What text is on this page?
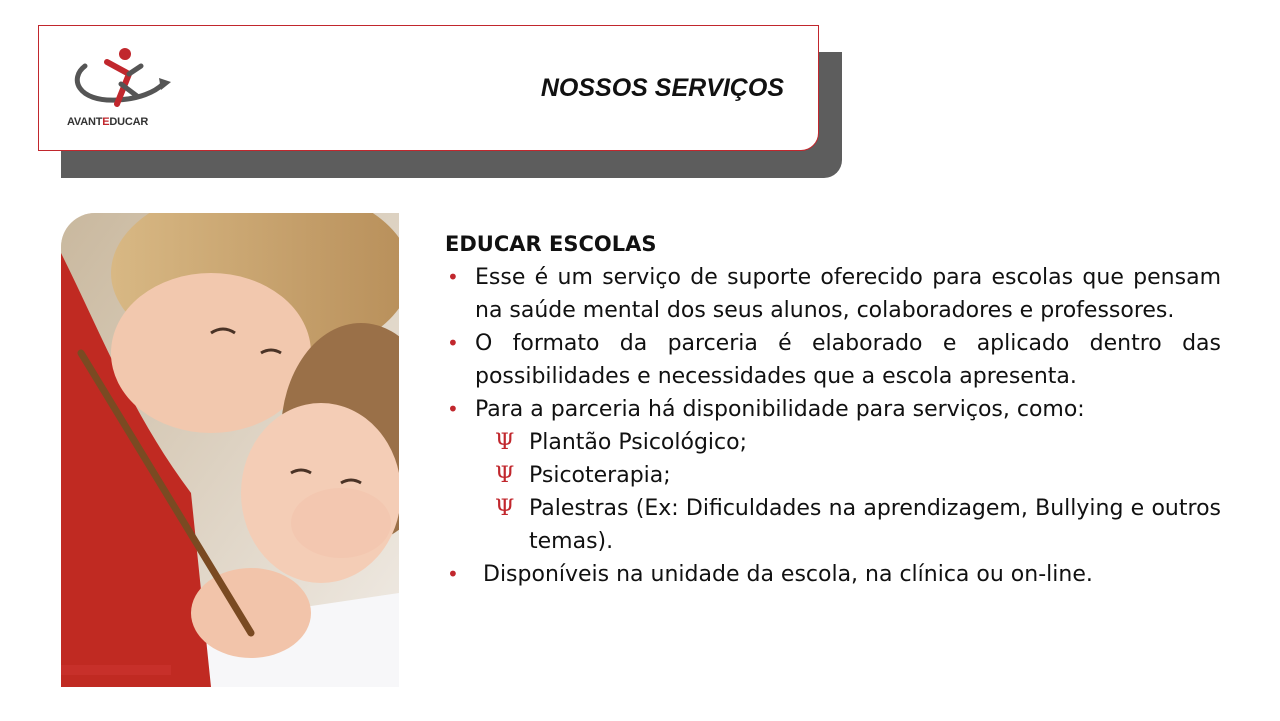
AVANTEDUCAR
NOSSOS SERVIÇOS

EDUCAR ESCOLAS

• Esse é um serviço de suporte oferecido para escolas que pensam na saúde mental dos seus alunos, colaboradores e professores.
• O formato da parceria é elaborado e aplicado dentro das possibilidades e necessidades que a escola apresenta.
• Para a parceria há disponibilidade para serviços, como:
Ψ Plantão Psicológico;
Ψ Psicoterapia;
Ψ Palestras (Ex: Dificuldades na aprendizagem, Bullying e outros temas).
• Disponíveis na unidade da escola, na clínica ou on-line.
